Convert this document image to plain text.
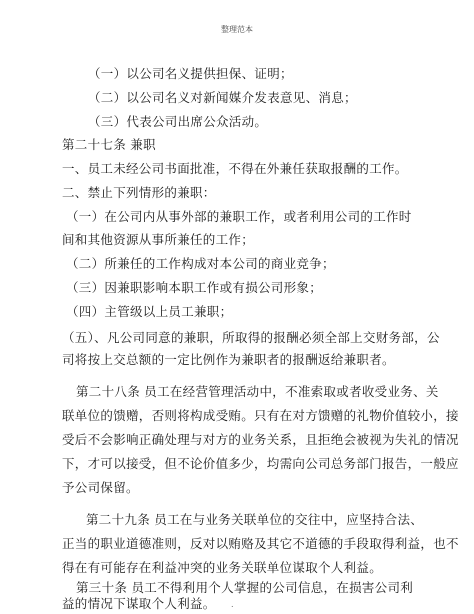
整理范本
（一）以公司名义提供担保、证明；
（二）以公司名义对新闻媒介发表意见、消息；
（三）代表公司出席公众活动。
第二十七条 兼职
一、员工未经公司书面批准，不得在外兼任获取报酬的工作。
二、禁止下列情形的兼职：
（一）在公司内从事外部的兼职工作，或者利用公司的工作时
间和其他资源从事所兼任的工作；
（二）所兼任的工作构成对本公司的商业竞争；
（三）因兼职影响本职工作或有损公司形象；
（四）主管级以上员工兼职；
（五）、凡公司同意的兼职，所取得的报酬必须全部上交财务部，公
司将按上交总额的一定比例作为兼职者的报酬返给兼职者。
第二十八条 员工在经营管理活动中，不准索取或者收受业务、关
联单位的馈赠，否则将构成受贿。只有在对方馈赠的礼物价值较小，接
受后不会影响正确处理与对方的业务关系，且拒绝会被视为失礼的情况
下，才可以接受，但不论价值多少，均需向公司总务部门报告，一般应
予公司保留。
第二十九条 员工在与业务关联单位的交往中，应坚持合法、
正当的职业道德准则，反对以贿赂及其它不道德的手段取得利益，也不
得在有可能存在利益冲突的业务关联单位谋取个人利益。
第三十条 员工不得利用个人掌握的公司信息，在损害公司利
益的情况下谋取个人利益。 .
